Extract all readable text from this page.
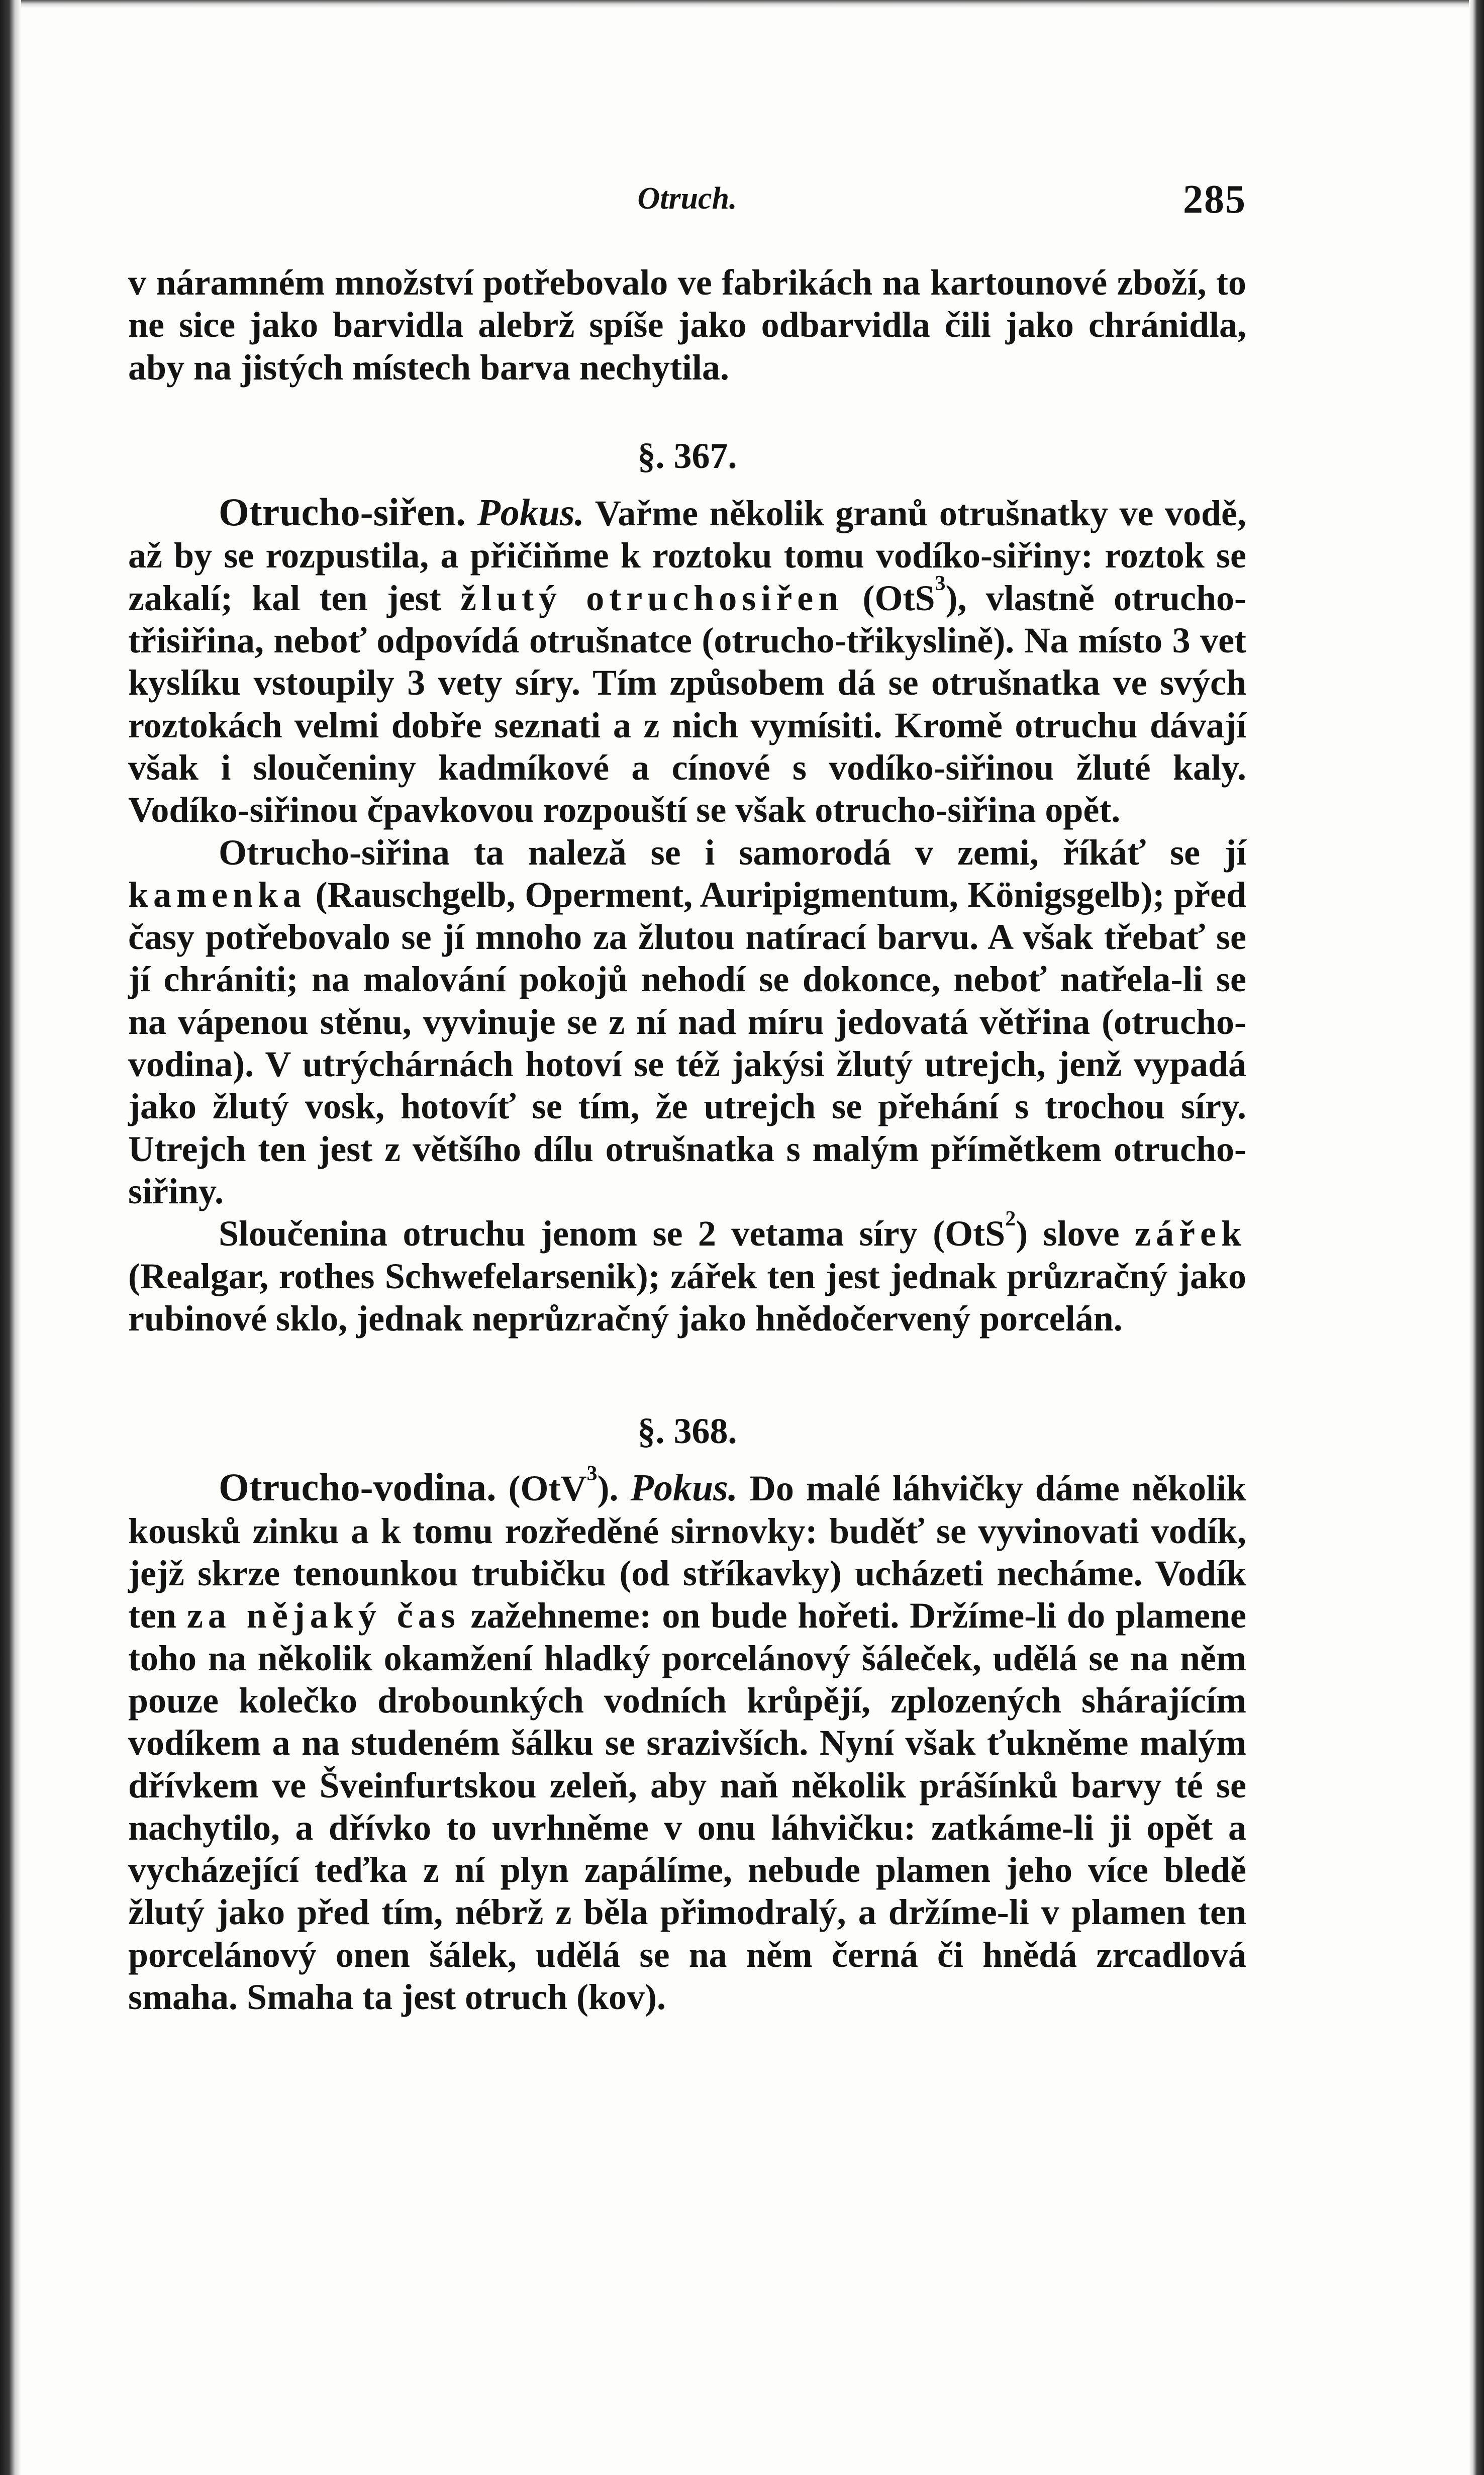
Otruch.	285

v náramném množství potřebovalo ve fabrikách na kartounové zboží, to ne sice jako barvidla alebrž spíše jako odbarvidla čili jako chránidla, aby na jistých místech barva nechytila.

§. 367.

Otrucho-siřen. Pokus. Vařme několik granů otrušnatky ve vodě, až by se rozpustila, a přičiňme k roztoku tomu vodíko-siřiny: roztok se zakalí; kal ten jest žlutý otruchosiřen (OtS$^3$), vlastně otrucho-třisiřina, neboť odpovídá otrušnatce (otrucho-třikyslině). Na místo 3 vet kyslíku vstoupily 3 vety síry. Tím způsobem dá se otrušnatka ve svých roztokách velmi dobře seznati a z nich vymísiti. Kromě otruchu dávají však i sloučeniny kadmíkové a cínové s vodíko-siřinou žluté kaly. Vodíko-siřinou čpavkovou rozpouští se však otrucho-siřina opět.

Otrucho-siřina ta naleză se i samorodá v zemi, říkáť se jí kamenka (Rauschgelb, Operment, Auripigmentum, Königsgelb); před časy potřebovalo se jí mnoho za žlutou natírací barvu. A však třebať se jí chrániti; na malování pokojů nehodí se dokonce, neboť natřela-li se na vápenou stěnu, vyvinuje se z ní nad míru jedovatá větřina (otrucho-vodina). V utrýchárnách hotoví se též jakýsi žlutý utrejch, jenž vypadá jako žlutý vosk, hotovíť se tím, že utrejch se přehání s trochou síry. Utrejch ten jest z většího dílu otrušnatka s malým přímětkem otrucho-siřiny.

Sloučenina otruchu jenom se 2 vetama síry (OtS$^2$) slove zářek (Realgar, rothes Schwefelarsenik); zářek ten jest jednak průzračný jako rubinové sklo, jednak neprůzračný jako hnědočervený porcelán.

§. 368.

Otrucho-vodina. (OtV$^3$). Pokus. Do malé láhvičky dáme několik kousků zinku a k tomu rozředěné sirnovky: buděť se vyvinovati vodík, jejž skrze tenounkou trubičku (od stříkavky) ucházeti necháme. Vodík ten za nějaký čas zažehneme: on bude hořeti. Držíme-li do plamene toho na několik okamžení hladký porcelánový šáleček, udělá se na něm pouze kolečko drobounkých vodních krůpějí, zplozených shárajícím vodíkem a na studeném šálku se srazivších. Nyní však ťukněme malým dřívkem ve Šveinfurtskou zeleň, aby naň několik prášínků barvy té se nachytilo, a dřívko to uvrhněme v onu láhvičku: zatkáme-li ji opět a vycházející teďka z ní plyn zapálíme, nebude plamen jeho více bledě žlutý jako před tím, nébrž z běla přimodralý, a držíme-li v plamen ten porcelánový onen šálek, udělá se na něm černá či hnědá zrcadlová smaha. Smaha ta jest otruch (kov).
